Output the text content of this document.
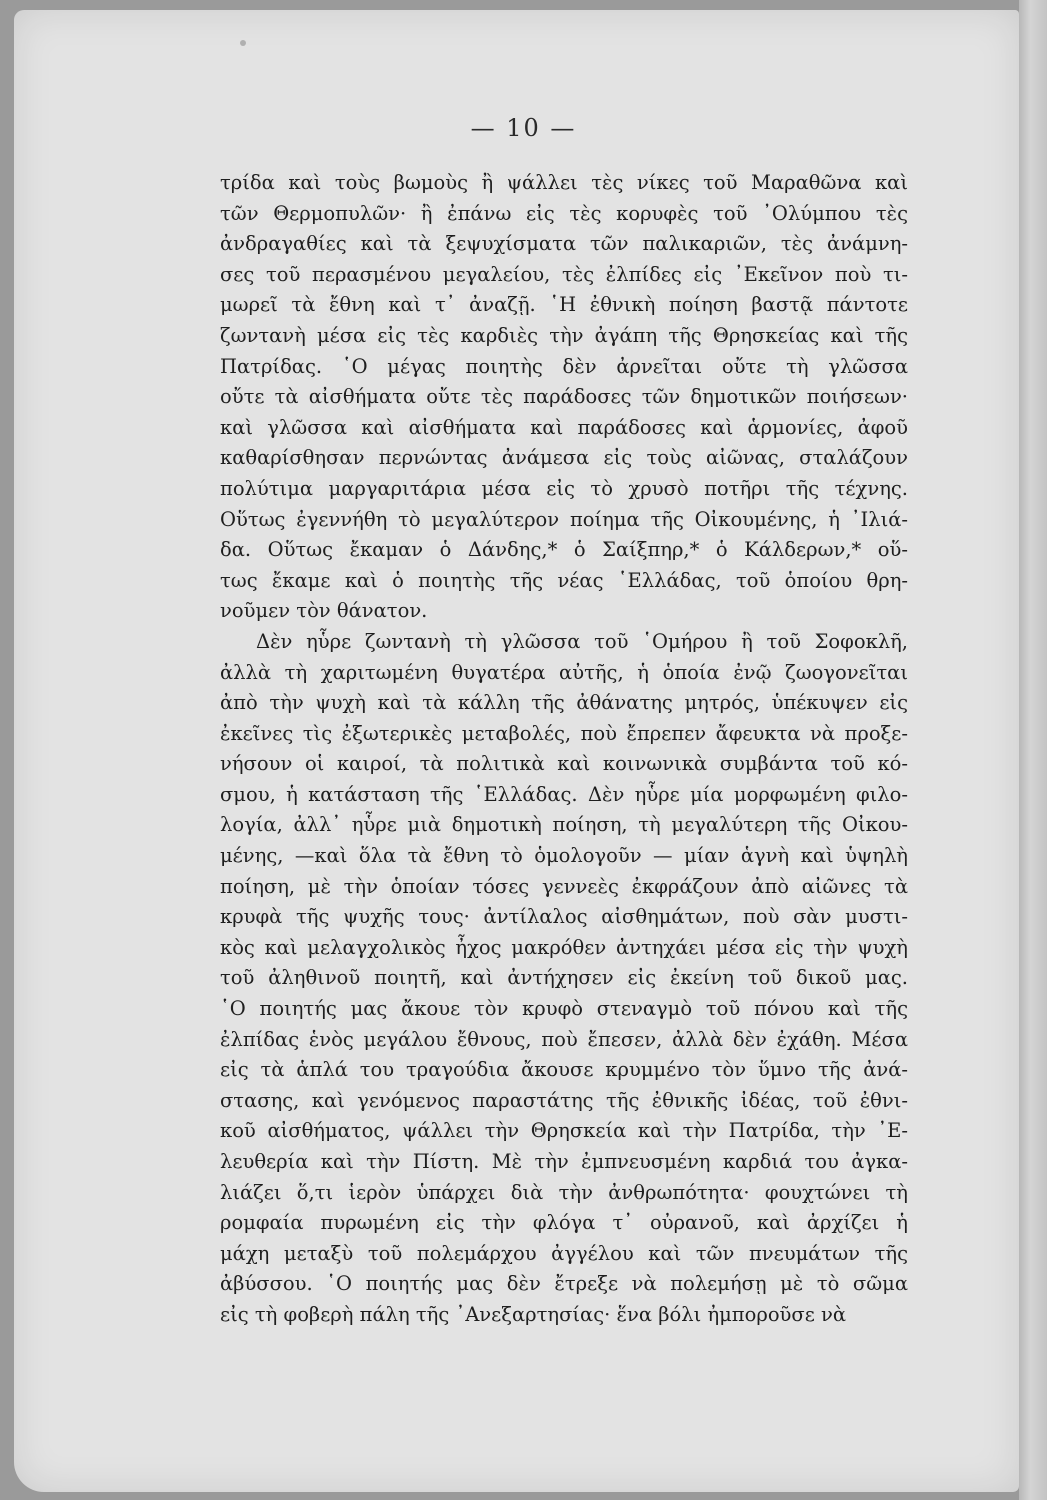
— 10 —
τρίδα καὶ τοὺς βωμοὺς ἢ ψάλλει τὲς νίκες τοῦ Μαραθῶνα καὶ
τῶν Θερμοπυλῶν· ἢ ἐπάνω εἰς τὲς κορυφὲς τοῦ ᾿Ολύμπου τὲς
ἀνδραγαθίες καὶ τὰ ξεψυχίσματα τῶν παλικαριῶν, τὲς ἀνάμνη-
σες τοῦ περασμένου μεγαλείου, τὲς ἐλπίδες εἰς ᾿Εκεῖνον ποὺ τι-
μωρεῖ τὰ ἔθνη καὶ τ᾿ ἀναζῇ. ῾Η ἐθνικὴ ποίηση βαστᾷ πάντοτε
ζωντανὴ μέσα εἰς τὲς καρδιὲς τὴν ἀγάπη τῆς Θρησκείας καὶ τῆς
Πατρίδας. ῾Ο μέγας ποιητὴς δὲν ἀρνεῖται οὔτε τὴ γλῶσσα
οὔτε τὰ αἰσθήματα οὔτε τὲς παράδοσες τῶν δημοτικῶν ποιήσεων·
καὶ γλῶσσα καὶ αἰσθήματα καὶ παράδοσες καὶ ἁρμονίες, ἀφοῦ
καθαρίσθησαν περνώντας ἀνάμεσα εἰς τοὺς αἰῶνας, σταλάζουν
πολύτιμα μαργαριτάρια μέσα εἰς τὸ χρυσὸ ποτῆρι τῆς τέχνης.
Οὕτως ἐγεννήθη τὸ μεγαλύτερον ποίημα τῆς Οἰκουμένης, ἡ ᾿Ιλιά-
δα. Οὕτως ἔκαμαν ὁ Δάνδης,* ὁ Σαίξπηρ,* ὁ Κάλδερων,* οὕ-
τως ἔκαμε καὶ ὁ ποιητὴς τῆς νέας ῾Ελλάδας, τοῦ ὁποίου θρη-
νοῦμεν τὸν θάνατον.
Δὲν ηὗρε ζωντανὴ τὴ γλῶσσα τοῦ ῾Ομήρου ἢ τοῦ Σοφοκλῆ,
ἀλλὰ τὴ χαριτωμένη θυγατέρα αὐτῆς, ἡ ὁποία ἐνῷ ζωογονεῖται
ἀπὸ τὴν ψυχὴ καὶ τὰ κάλλη τῆς ἀθάνατης μητρός, ὑπέκυψεν εἰς
ἐκεῖνες τὶς ἐξωτερικὲς μεταβολές, ποὺ ἔπρεπεν ἄφευκτα νὰ προξε-
νήσουν οἱ καιροί, τὰ πολιτικὰ καὶ κοινωνικὰ συμβάντα τοῦ κό-
σμου, ἡ κατάσταση τῆς ῾Ελλάδας. Δὲν ηὗρε μία μορφωμένη φιλο-
λογία, ἀλλ᾿ ηὗρε μιὰ δημοτικὴ ποίηση, τὴ μεγαλύτερη τῆς Οἰκου-
μένης, —καὶ ὅλα τὰ ἔθνη τὸ ὁμολογοῦν — μίαν ἁγνὴ καὶ ὑψηλὴ
ποίηση, μὲ τὴν ὁποίαν τόσες γεννεὲς ἐκφράζουν ἀπὸ αἰῶνες τὰ
κρυφὰ τῆς ψυχῆς τους· ἀντίλαλος αἰσθημάτων, ποὺ σὰν μυστι-
κὸς καὶ μελαγχολικὸς ἦχος μακρόθεν ἀντηχάει μέσα εἰς τὴν ψυχὴ
τοῦ ἀληθινοῦ ποιητῆ, καὶ ἀντήχησεν εἰς ἐκείνη τοῦ δικοῦ μας.
῾Ο ποιητής μας ἄκουε τὸν κρυφὸ στεναγμὸ τοῦ πόνου καὶ τῆς
ἐλπίδας ἑνὸς μεγάλου ἔθνους, ποὺ ἔπεσεν, ἀλλὰ δὲν ἐχάθη. Μέσα
εἰς τὰ ἁπλά του τραγούδια ἄκουσε κρυμμένο τὸν ὕμνο τῆς ἀνά-
στασης, καὶ γενόμενος παραστάτης τῆς ἐθνικῆς ἰδέας, τοῦ ἐθνι-
κοῦ αἰσθήματος, ψάλλει τὴν Θρησκεία καὶ τὴν Πατρίδα, τὴν ᾿Ε-
λευθερία καὶ τὴν Πίστη. Μὲ τὴν ἐμπνευσμένη καρδιά του ἀγκα-
λιάζει ὅ,τι ἱερὸν ὑπάρχει διὰ τὴν ἀνθρωπότητα· φουχτώνει τὴ
ρομφαία πυρωμένη εἰς τὴν φλόγα τ᾿ οὐρανοῦ, καὶ ἀρχίζει ἡ
μάχη μεταξὺ τοῦ πολεμάρχου ἀγγέλου καὶ τῶν πνευμάτων τῆς
ἀβύσσου. ῾Ο ποιητής μας δὲν ἔτρεξε νὰ πολεμήσῃ μὲ τὸ σῶμα
εἰς τὴ φοβερὴ πάλη τῆς ᾿Ανεξαρτησίας· ἕνα βόλι ἠμποροῦσε νὰ
